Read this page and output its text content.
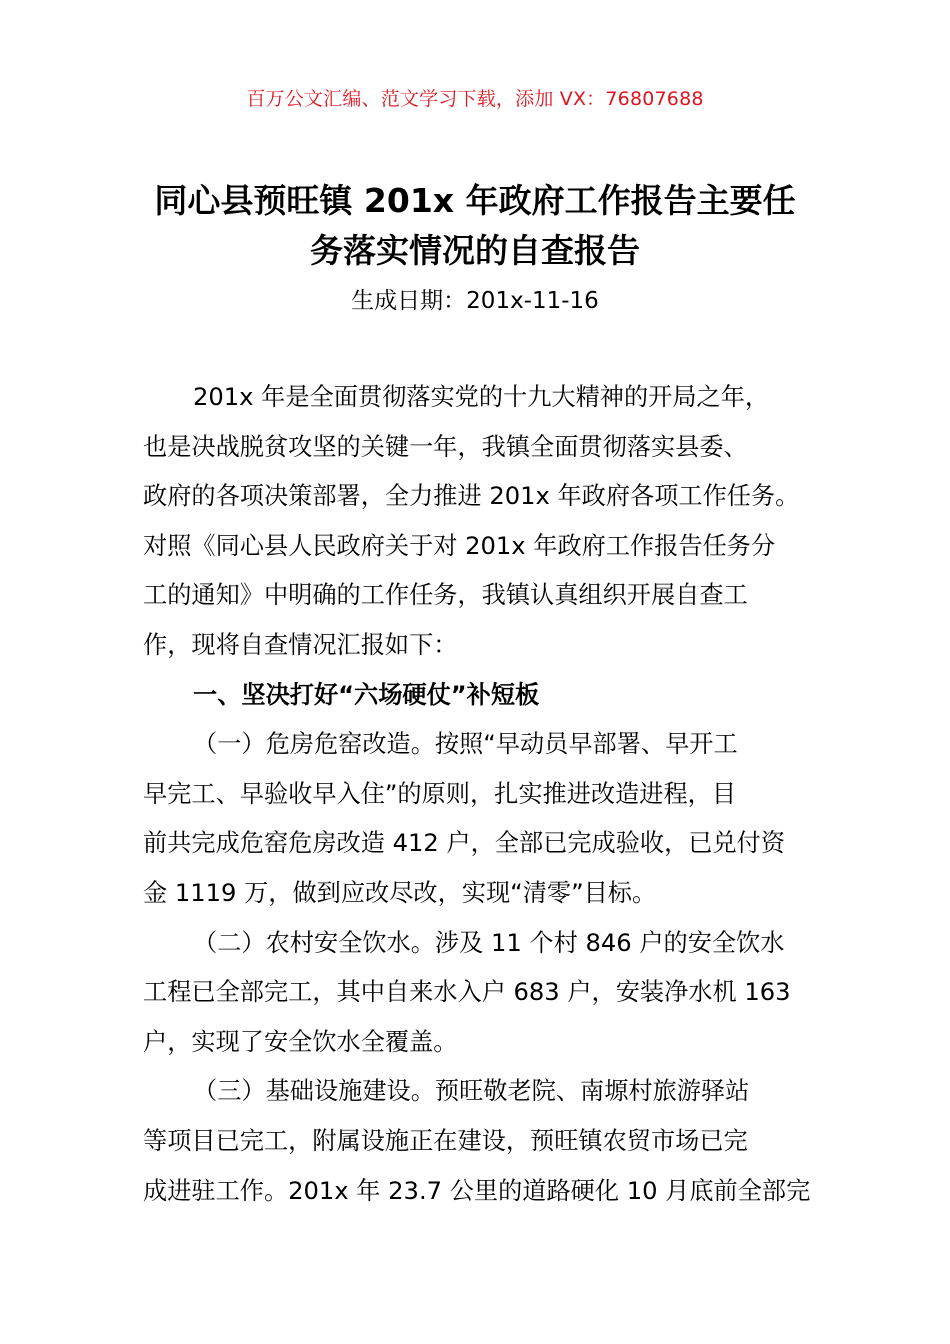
百万公文汇编、范文学习下载，添加 VX：76807688
同心县预旺镇 201x 年政府工作报告主要任
务落实情况的自查报告
生成日期：201x-11-16
201x 年是全面贯彻落实党的十九大精神的开局之年，
也是决战脱贫攻坚的关键一年，我镇全面贯彻落实县委、
政府的各项决策部署，全力推进 201x 年政府各项工作任务。
对照《同心县人民政府关于对 201x 年政府工作报告任务分
工的通知》中明确的工作任务，我镇认真组织开展自查工
作，现将自查情况汇报如下：
一、坚决打好“六场硬仗”补短板
（一）危房危窑改造。按照“早动员早部署、早开工
早完工、早验收早入住”的原则，扎实推进改造进程，目
前共完成危窑危房改造 412 户，全部已完成验收，已兑付资
金 1119 万，做到应改尽改，实现“清零”目标。
（二）农村安全饮水。涉及 11 个村 846 户的安全饮水
工程已全部完工，其中自来水入户 683 户，安装净水机 163
户，实现了安全饮水全覆盖。
（三）基础设施建设。预旺敬老院、南塬村旅游驿站
等项目已完工，附属设施正在建设，预旺镇农贸市场已完
成进驻工作。201x 年 23.7 公里的道路硬化 10 月底前全部完
